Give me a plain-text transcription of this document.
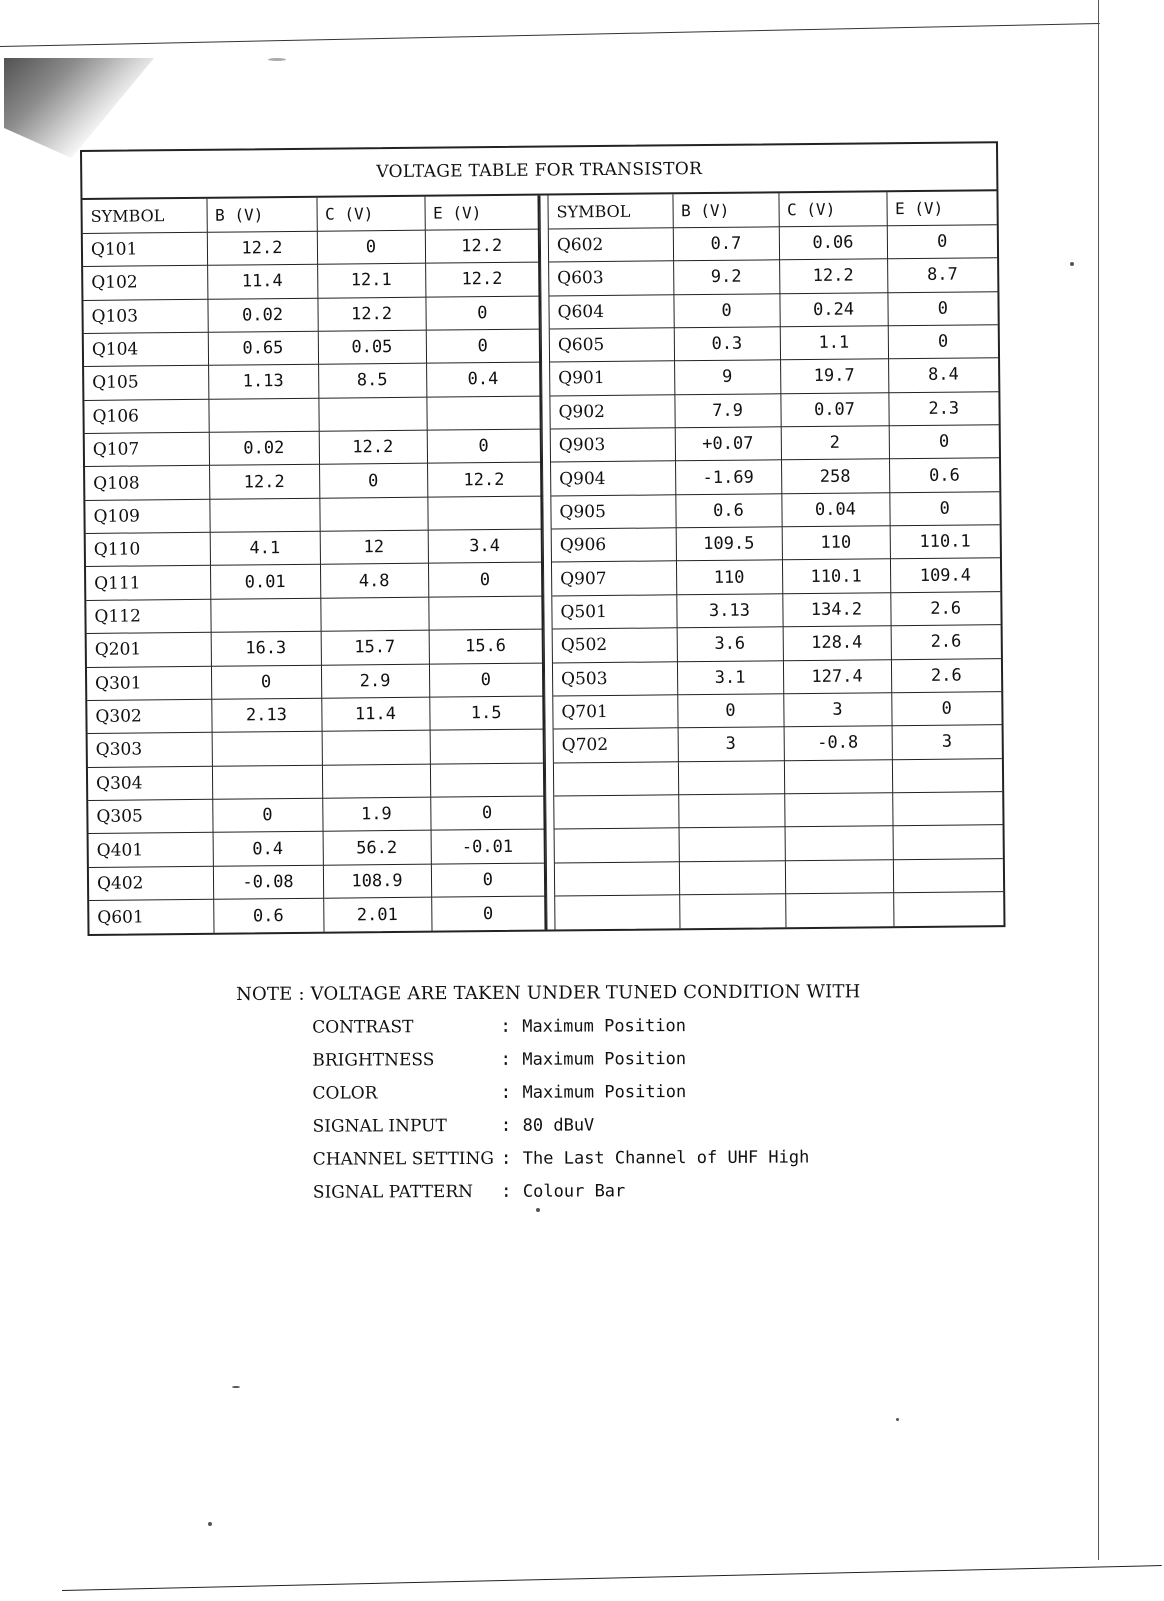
VOLTAGE TABLE FOR TRANSISTOR
SYMBOL	B (V)	C (V)	E (V)
Q101	12.2	0	12.2
Q102	11.4	12.1	12.2
Q103	0.02	12.2	0
Q104	0.65	0.05	0
Q105	1.13	8.5	0.4
Q106			
Q107	0.02	12.2	0
Q108	12.2	0	12.2
Q109			
Q110	4.1	12	3.4
Q111	0.01	4.8	0
Q112			
Q201	16.3	15.7	15.6
Q301	0	2.9	0
Q302	2.13	11.4	1.5
Q303			
Q304			
Q305	0	1.9	0
Q401	0.4	56.2	-0.01
Q402	-0.08	108.9	0
Q601	0.6	2.01	0
SYMBOL	B (V)	C (V)	E (V)
Q602	0.7	0.06	0
Q603	9.2	12.2	8.7
Q604	0	0.24	0
Q605	0.3	1.1	0
Q901	9	19.7	8.4
Q902	7.9	0.07	2.3
Q903	+0.07	2	0
Q904	-1.69	258	0.6
Q905	0.6	0.04	0
Q906	109.5	110	110.1
Q907	110	110.1	109.4
Q501	3.13	134.2	2.6
Q502	3.6	128.4	2.6
Q503	3.1	127.4	2.6
Q701	0	3	0
Q702	3	-0.8	3

NOTE : VOLTAGE ARE TAKEN UNDER TUNED CONDITION WITH
CONTRAST	: Maximum Position
BRIGHTNESS	: Maximum Position
COLOR	: Maximum Position
SIGNAL INPUT	: 80 dBuV
CHANNEL SETTING : The Last Channel of UHF High
SIGNAL PATTERN	: Colour Bar
